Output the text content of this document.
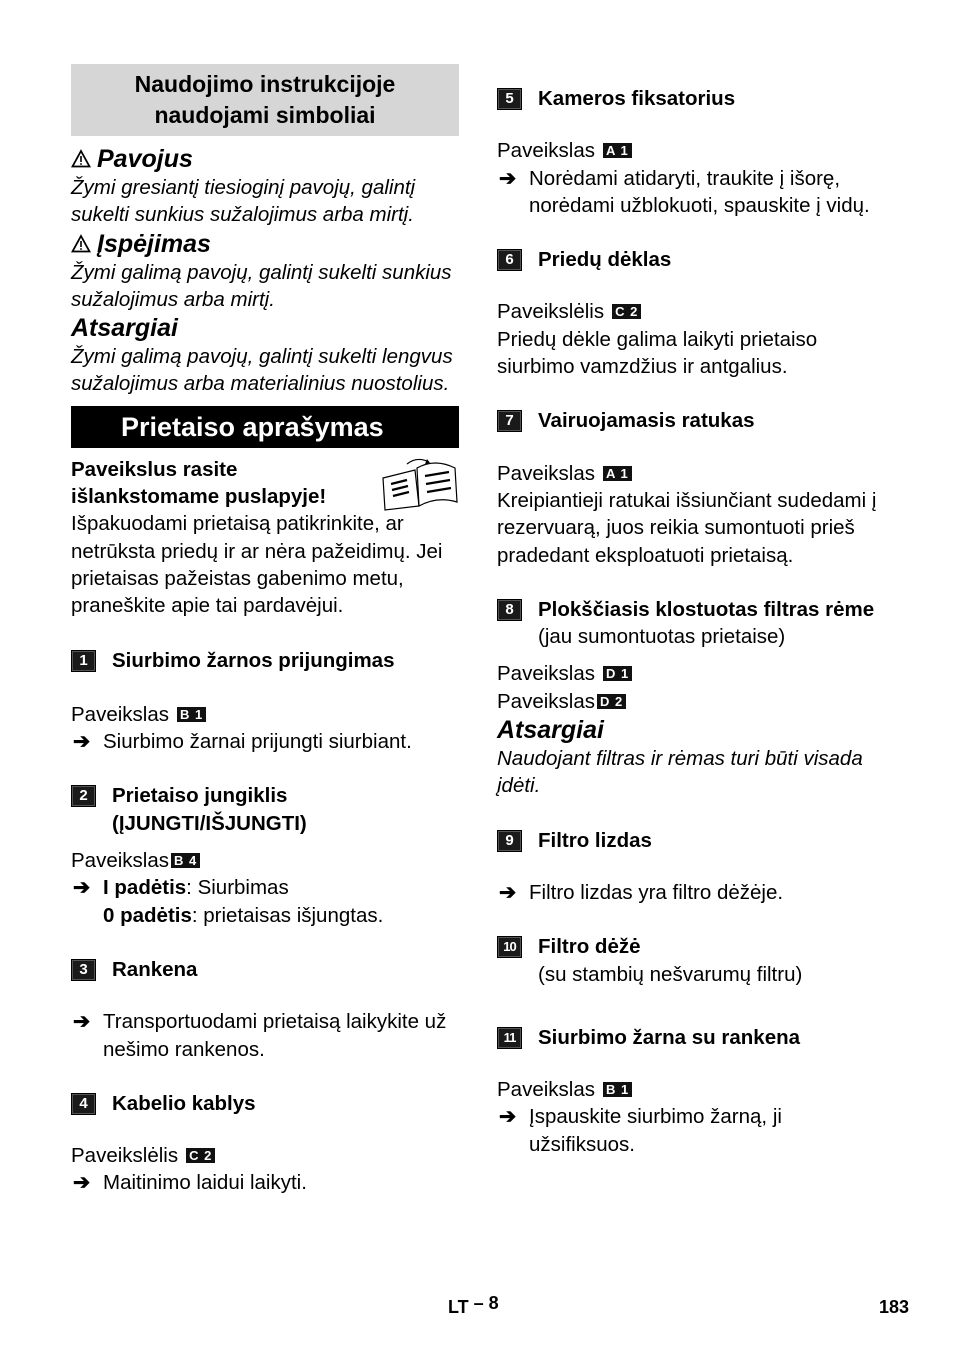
Naudojimo instrukcijoje naudojami simboliai
Pavojus
Žymi gresiantį tiesioginį pavojų, galintį sukelti sunkius sužalojimus arba mirtį.
Įspėjimas
Žymi galimą pavojų, galintį sukelti sunkius sužalojimus arba mirtį.
Atsargiai
Žymi galimą pavojų, galintį sukelti lengvus sužalojimus arba materialinius nuostolius.
Prietaiso aprašymas
Paveikslus rasite išlankstomame puslapyje!
Išpakuodami prietaisą patikrinkite, ar netrūksta priedų ir ar nėra pažeidimų. Jei prietaisas pažeistas gabenimo metu, praneškite apie tai pardavėjui.
1	Siurbimo žarnos prijungimas
Paveikslas B 1
➔ Siurbimo žarnai prijungti siurbiant.
2	Prietaiso jungiklis (ĮJUNGTI/IŠJUNGTI)
Paveikslas B 4
➔ I padėtis: Siurbimas
0 padėtis: prietaisas išjungtas.
3	Rankena
➔ Transportuodami prietaisą laikykite už nešimo rankenos.
4	Kabelio kablys
Paveikslėlis C 2
➔ Maitinimo laidui laikyti.
5	Kameros fiksatorius
Paveikslas A 1
➔ Norėdami atidaryti, traukite į išorę, norėdami užblokuoti, spauskite į vidų.
6	Priedų dėklas
Paveikslėlis C 2
Priedų dėkle galima laikyti prietaiso siurbimo vamzdžius ir antgalius.
7	Vairuojamasis ratukas
Paveikslas A 1
Kreipiantieji ratukai išsiunčiant sudedami į rezervuarą, juos reikia sumontuoti prieš pradedant eksploatuoti prietaisą.
8	Plokščiasis klostuotas filtras rėme
(jau sumontuotas prietaise)
Paveikslas D 1
Paveikslas D 2
Atsargiai
Naudojant filtras ir rėmas turi būti visada įdėti.
9	Filtro lizdas
➔ Filtro lizdas yra filtro dėžėje.
10	Filtro dėžė
(su stambių nešvarumų filtru)
11	Siurbimo žarna su rankena
Paveikslas B 1
➔ Įspauskite siurbimo žarną, ji užsifiksuos.
LT – 8	183
